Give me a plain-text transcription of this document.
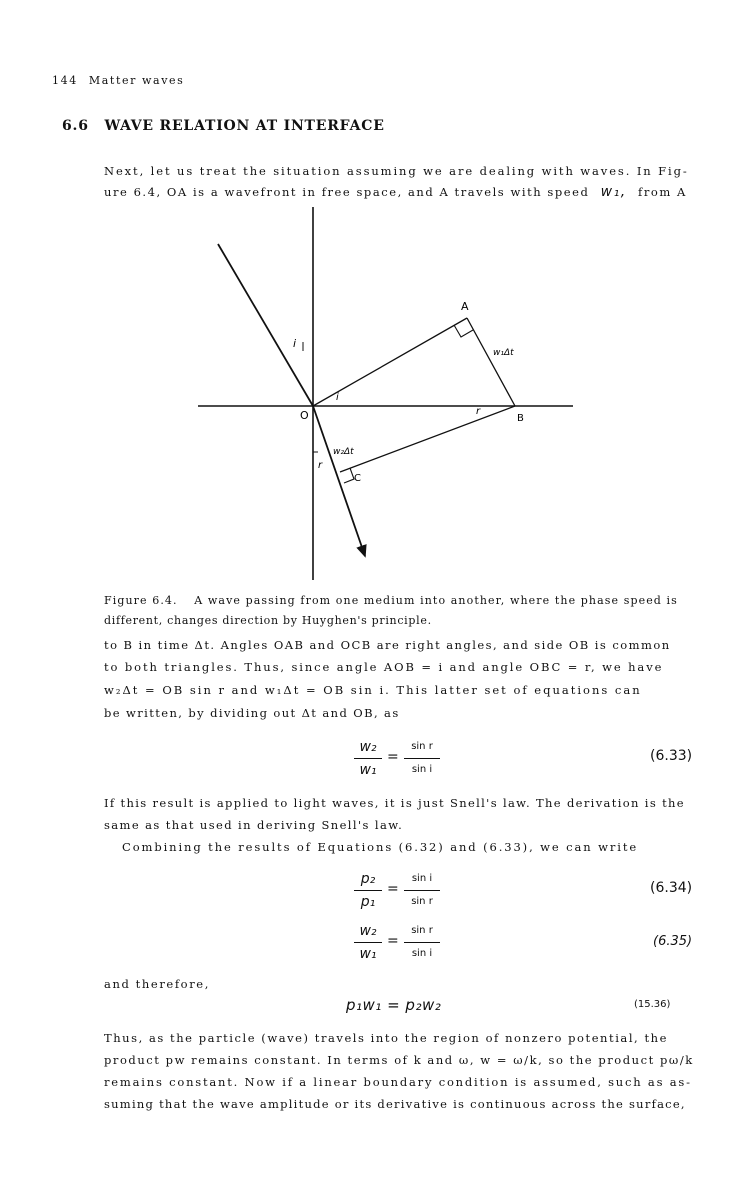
144 Matter waves
6.6 WAVE RELATION AT INTERFACE
Next, let us treat the situation assuming we are dealing with waves. In Fig-
ure 6.4, OA is a wavefront in free space, and A travels with speed w₁, from A
A
O	B
C
i
i
r
r
w₁Δt
w₂Δt
Figure 6.4. A wave passing from one medium into another, where the phase speed is
different, changes direction by Huyghen's principle.
to B in time Δt. Angles OAB and OCB are right angles, and side OB is common
to both triangles. Thus, since angle AOB = i and angle OBC = r, we have
w₂Δt = OB sin r and w₁Δt = OB sin i. This latter set of equations can
be written, by dividing out Δt and OB, as
w₂
w₁
=
sin r
sin i
(6.33)
If this result is applied to light waves, it is just Snell's law. The derivation is the
same as that used in deriving Snell's law.
Combining the results of Equations (6.32) and (6.33), we can write
p₂
p₁
=
sin i
sin r
(6.34)
w₂
w₁
=
sin r
sin i
(6.35)
and therefore,
p₁w₁ = p₂w₂	(15.36)
Thus, as the particle (wave) travels into the region of nonzero potential, the
product pw remains constant. In terms of k and ω, w = ω/k, so the product pω/k
remains constant. Now if a linear boundary condition is assumed, such as as-
suming that the wave amplitude or its derivative is continuous across the surface,
